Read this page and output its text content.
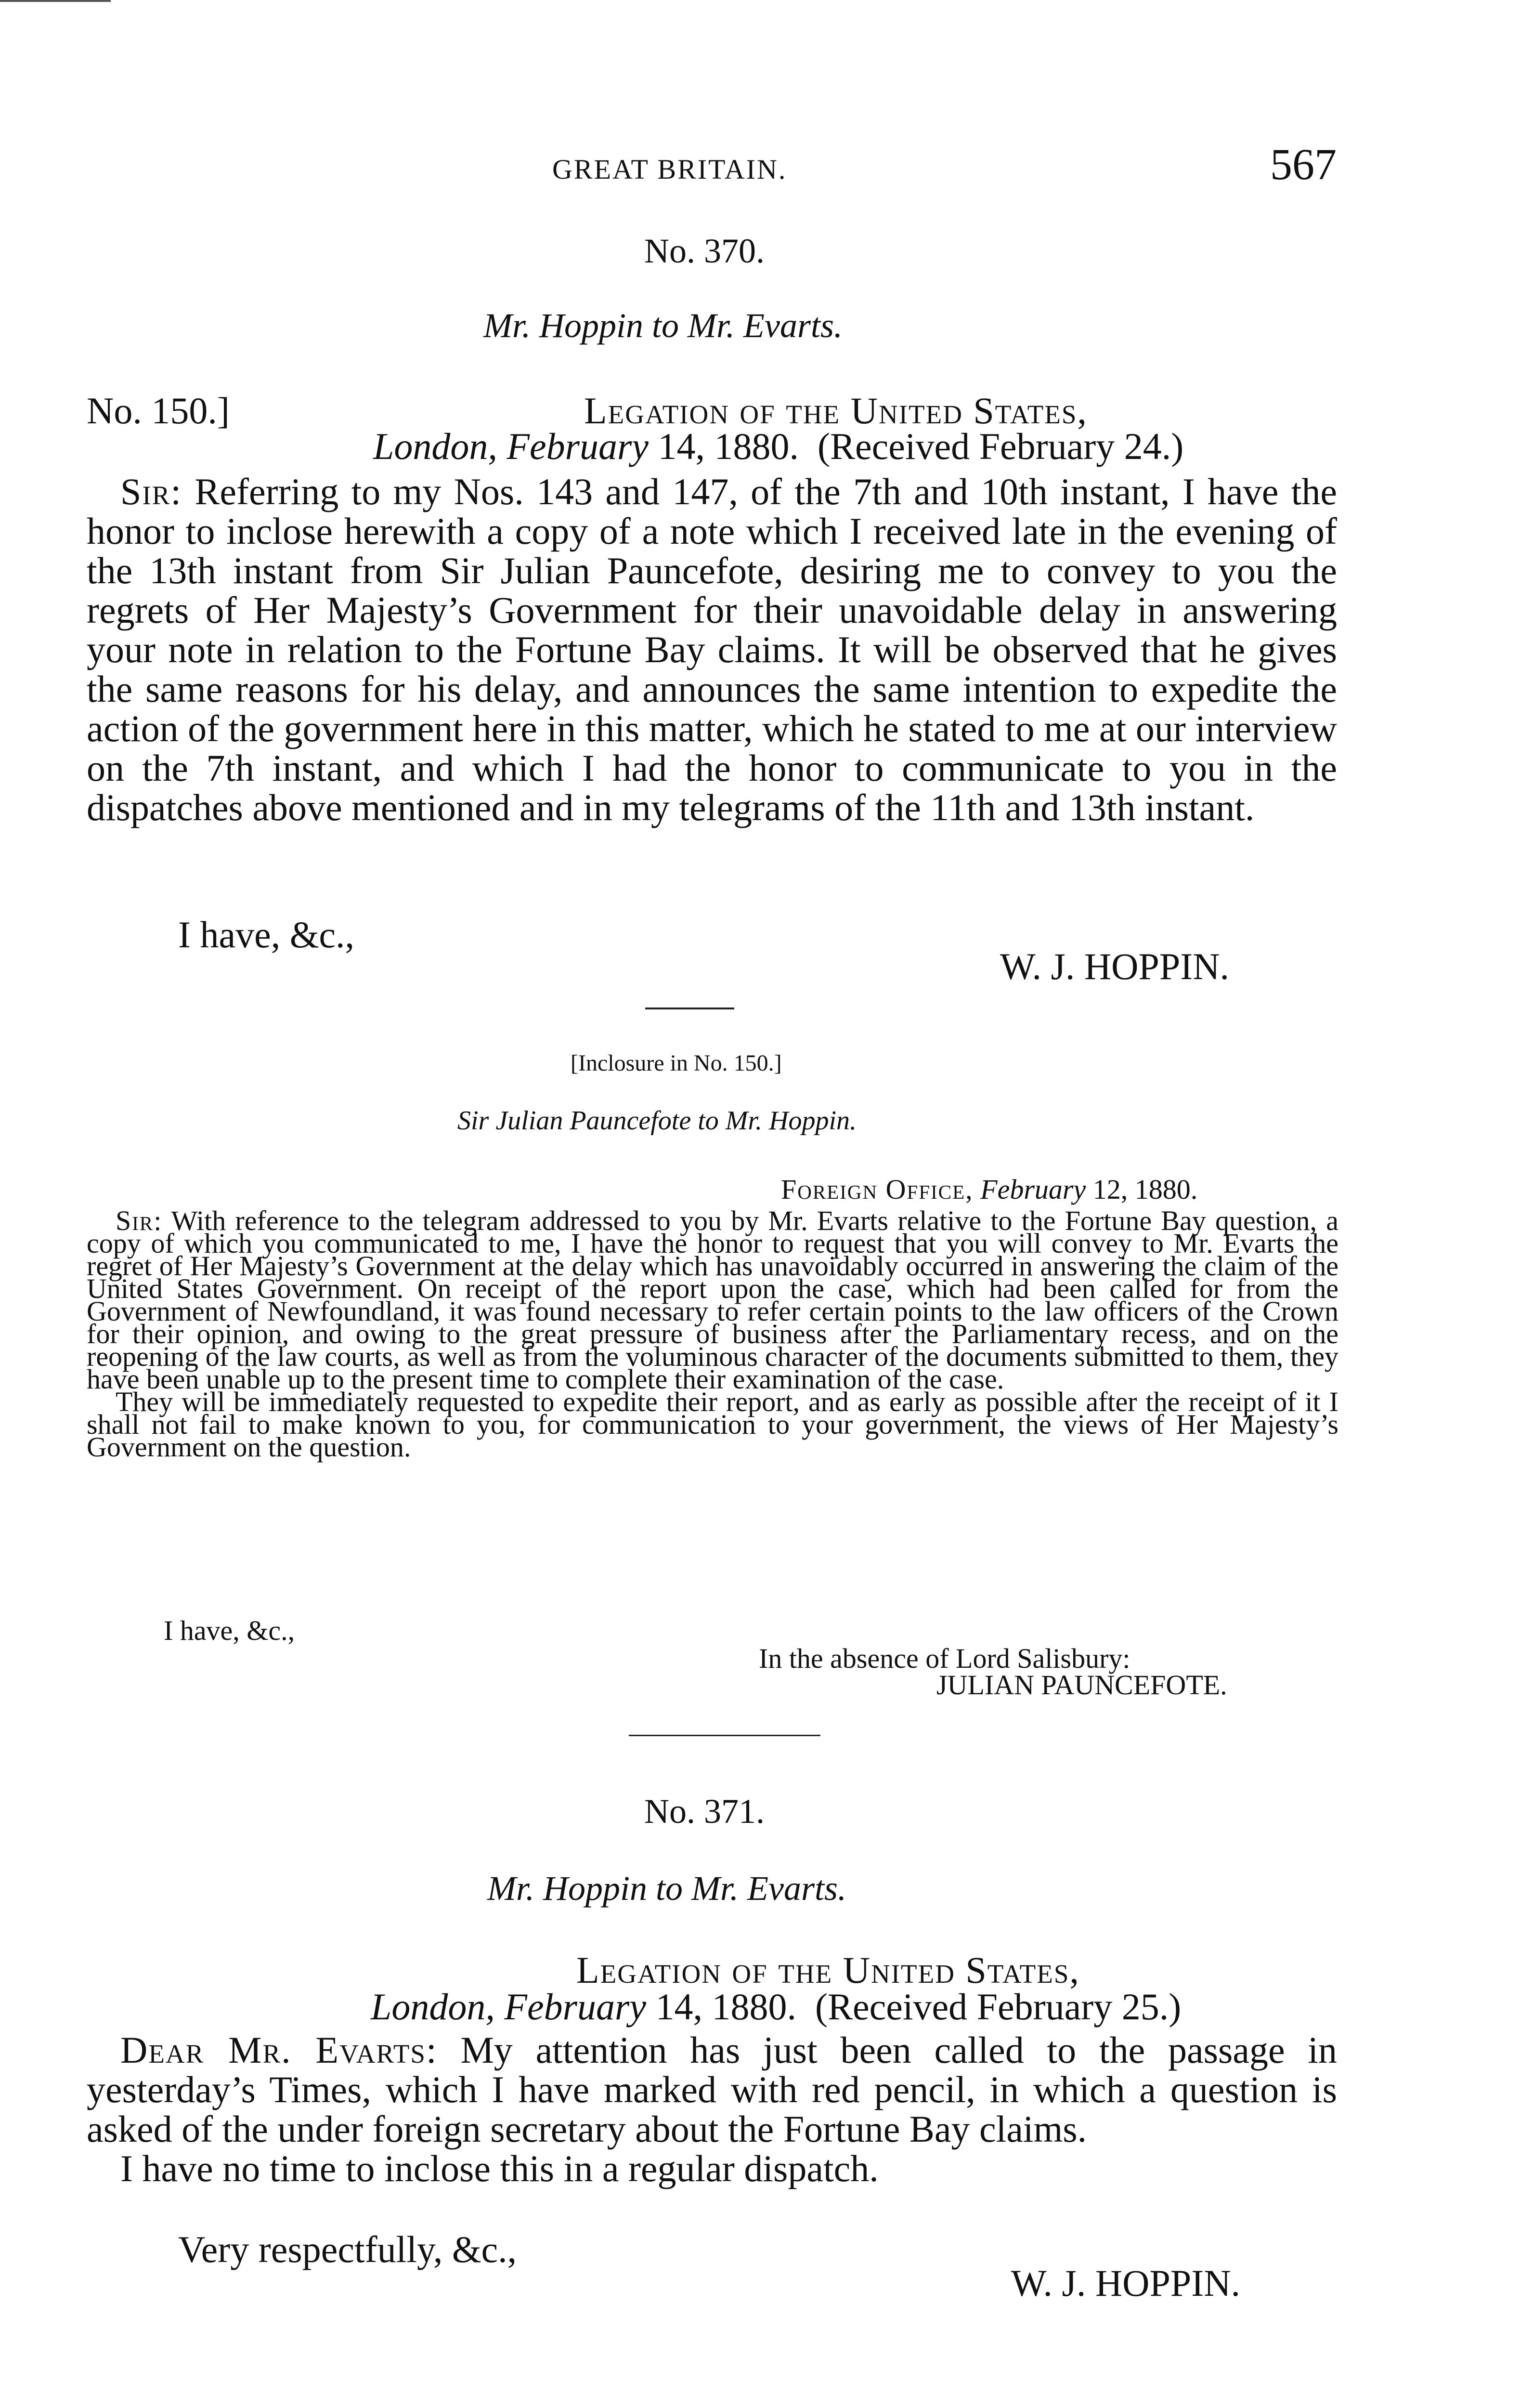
GREAT BRITAIN.	567
No. 370.
Mr. Hoppin to Mr. Evarts.
No. 150.]	Legation of the United States,
London, February 14, 1880. (Received February 24.)

Sir: Referring to my Nos. 143 and 147, of the 7th and 10th instant, I have the honor to inclose herewith a copy of a note which I received late in the evening of the 13th instant from Sir Julian Pauncefote, desiring me to convey to you the regrets of Her Majesty’s Government for their unavoidable delay in answering your note in relation to the Fortune Bay claims. It will be observed that he gives the same reasons for his delay, and announces the same intention to expedite the action of the government here in this matter, which he stated to me at our interview on the 7th instant, and which I had the honor to communicate to you in the dispatches above mentioned and in my telegrams of the 11th and 13th instant.

I have, &c.,
W. J. HOPPIN.
[Inclosure in No. 150.]
Sir Julian Pauncefote to Mr. Hoppin.
Foreign Office, February 12, 1880.

Sir: With reference to the telegram addressed to you by Mr. Evarts relative to the Fortune Bay question, a copy of which you communicated to me, I have the honor to request that you will convey to Mr. Evarts the regret of Her Majesty’s Government at the delay which has unavoidably occurred in answering the claim of the United States Government. On receipt of the report upon the case, which had been called for from the Government of Newfoundland, it was found necessary to refer certain points to the law officers of the Crown for their opinion, and owing to the great pressure of business after the Parliamentary recess, and on the reopening of the law courts, as well as from the voluminous character of the documents submitted to them, they have been unable up to the present time to complete their examination of the case.

They will be immediately requested to expedite their report, and as early as possible after the receipt of it I shall not fail to make known to you, for communication to your government, the views of Her Majesty’s Government on the question.

I have, &c.,
In the absence of Lord Salisbury:
JULIAN PAUNCEFOTE.
No. 371.
Mr. Hoppin to Mr. Evarts.
Legation of the United States,
London, February 14, 1880. (Received February 25.)

Dear Mr. Evarts: My attention has just been called to the passage in yesterday’s Times, which I have marked with red pencil, in which a question is asked of the under foreign secretary about the Fortune Bay claims.

I have no time to inclose this in a regular dispatch.

Very respectfully, &c.,
W. J. HOPPIN.
